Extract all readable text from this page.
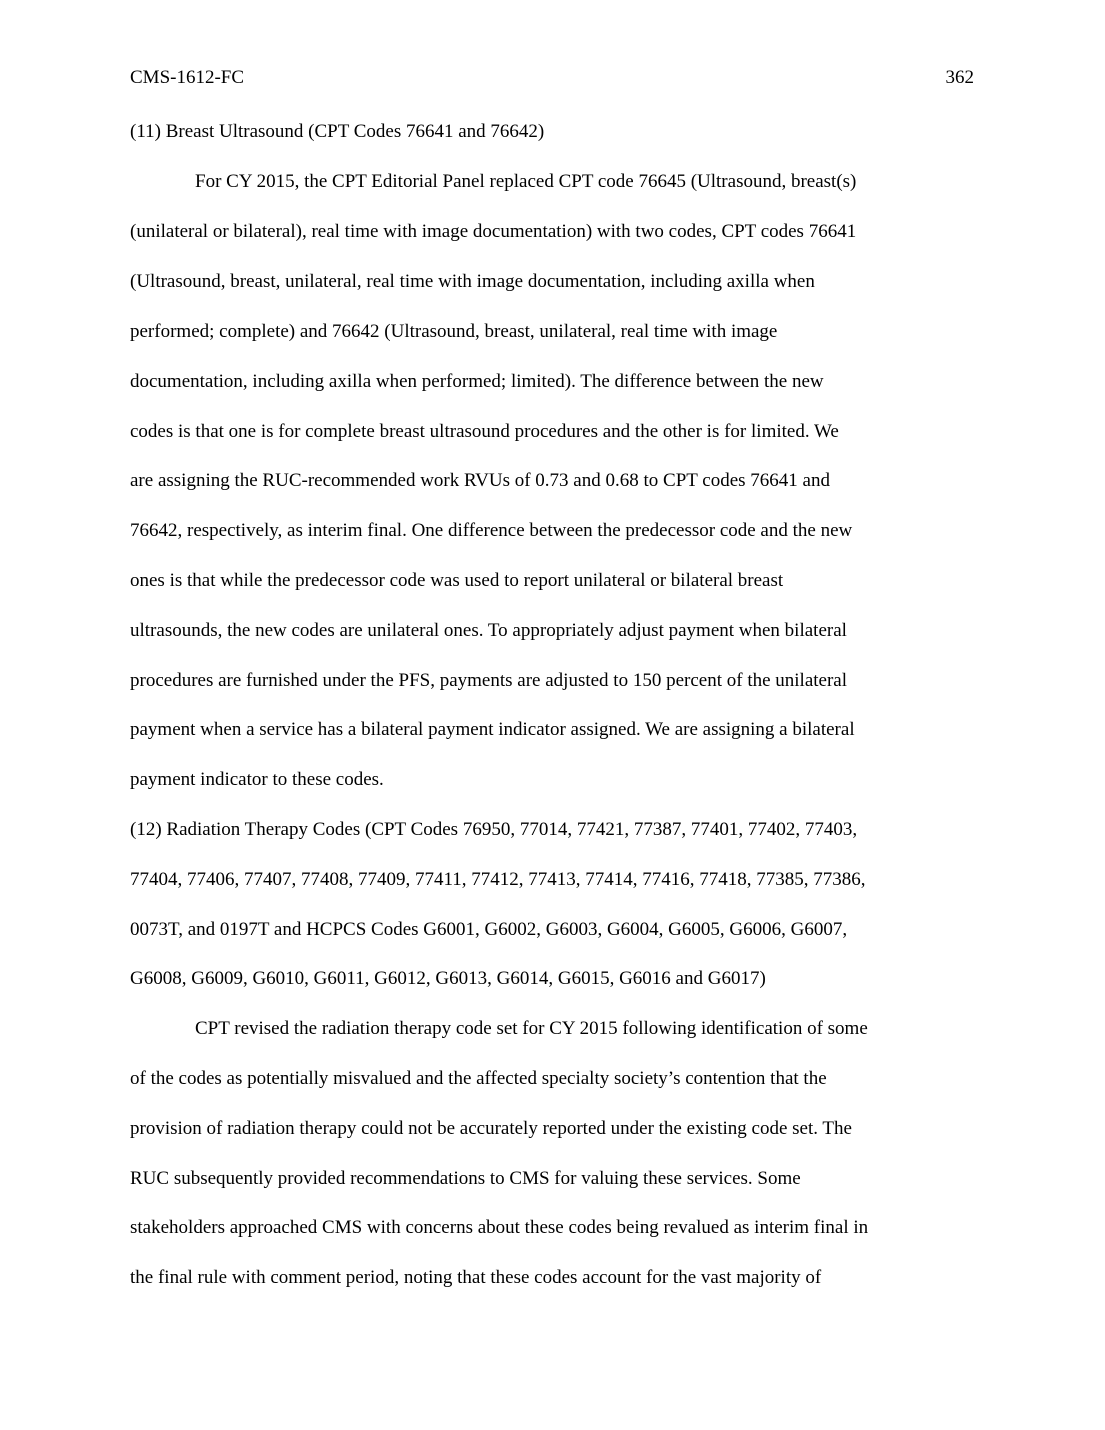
CMS-1612-FC	362
(11) Breast Ultrasound (CPT Codes 76641 and 76642)
For CY 2015, the CPT Editorial Panel replaced CPT code 76645 (Ultrasound, breast(s)
(unilateral or bilateral), real time with image documentation) with two codes, CPT codes 76641
(Ultrasound, breast, unilateral, real time with image documentation, including axilla when
performed; complete) and 76642 (Ultrasound, breast, unilateral, real time with image
documentation, including axilla when performed; limited). The difference between the new
codes is that one is for complete breast ultrasound procedures and the other is for limited. We
are assigning the RUC-recommended work RVUs of 0.73 and 0.68 to CPT codes 76641 and
76642, respectively, as interim final. One difference between the predecessor code and the new
ones is that while the predecessor code was used to report unilateral or bilateral breast
ultrasounds, the new codes are unilateral ones. To appropriately adjust payment when bilateral
procedures are furnished under the PFS, payments are adjusted to 150 percent of the unilateral
payment when a service has a bilateral payment indicator assigned. We are assigning a bilateral
payment indicator to these codes.
(12) Radiation Therapy Codes (CPT Codes 76950, 77014, 77421, 77387, 77401, 77402, 77403,
77404, 77406, 77407, 77408, 77409, 77411, 77412, 77413, 77414, 77416, 77418, 77385, 77386,
0073T, and 0197T and HCPCS Codes G6001, G6002, G6003, G6004, G6005, G6006, G6007,
G6008, G6009, G6010, G6011, G6012, G6013, G6014, G6015, G6016 and G6017)
CPT revised the radiation therapy code set for CY 2015 following identification of some
of the codes as potentially misvalued and the affected specialty society’s contention that the
provision of radiation therapy could not be accurately reported under the existing code set. The
RUC subsequently provided recommendations to CMS for valuing these services. Some
stakeholders approached CMS with concerns about these codes being revalued as interim final in
the final rule with comment period, noting that these codes account for the vast majority of
